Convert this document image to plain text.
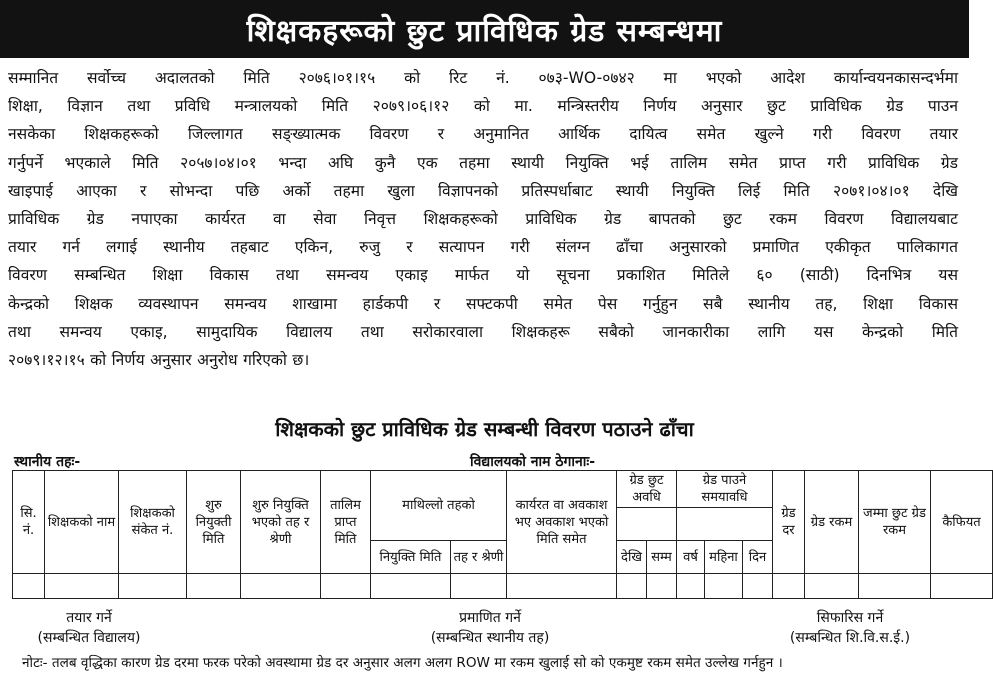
शिक्षकहरूको छुट प्राविधिक ग्रेड सम्बन्धमा
सम्मानित सर्वोच्च अदालतको मिति २०७६।०१।१५ को रिट नं. ०७३-WO-०७४२ मा भएको आदेश कार्यान्वयनकासन्दर्भमा
शिक्षा, विज्ञान तथा प्रविधि मन्त्रालयको मिति २०७९।०६।१२ को मा. मन्त्रिस्तरीय निर्णय अनुसार छुट प्राविधिक ग्रेड पाउन
नसकेका शिक्षकहरूको जिल्लागत सङ्ख्यात्मक विवरण र अनुमानित आर्थिक दायित्व समेत खुल्ने गरी विवरण तयार
गर्नुपर्ने भएकाले मिति २०५७।०४।०१ भन्दा अघि कुनै एक तहमा स्थायी नियुक्ति भई तालिम समेत प्राप्त गरी प्राविधिक ग्रेड
खाइपाई आएका र सोभन्दा पछि अर्को तहमा खुला विज्ञापनको प्रतिस्पर्धाबाट स्थायी नियुक्ति लिई मिति २०७१।०४।०१ देखि
प्राविधिक ग्रेड नपाएका कार्यरत वा सेवा निवृत्त शिक्षकहरूको प्राविधिक ग्रेड बापतको छुट रकम विवरण विद्यालयबाट
तयार गर्न लगाई स्थानीय तहबाट एकिन, रुजु र सत्यापन गरी संलग्न ढाँचा अनुसारको प्रमाणित एकीकृत पालिकागत
विवरण सम्बन्धित शिक्षा विकास तथा समन्वय एकाइ मार्फत यो सूचना प्रकाशित मितिले ६० (साठी) दिनभित्र यस
केन्द्रको शिक्षक व्यवस्थापन समन्वय शाखामा हार्डकपी र सफ्टकपी समेत पेस गर्नुहुन सबै स्थानीय तह, शिक्षा विकास
तथा समन्वय एकाइ, सामुदायिक विद्यालय तथा सरोकारवाला शिक्षकहरू सबैको जानकारीका लागि यस केन्द्रको मिति
२०७९।१२।१५ को निर्णय अनुसार अनुरोध गरिएको छ।
शिक्षकको छुट प्राविधिक ग्रेड सम्बन्धी विवरण पठाउने ढाँचा
स्थानीय तहः-	विद्यालयको नाम ठेगानाः-
सि. नं.	शिक्षकको नाम	शिक्षकको संकेत नं.	शुरु नियुक्ती मिति	शुरु नियुक्ति भएको तह र श्रेणी	तालिम प्राप्त मिति	माथिल्लो तहको		कार्यरत वा अवकाश भए अवकाश भएको मिति समेत	ग्रेड छुट अवधि		ग्रेड पाउने समयावधि			ग्रेड दर	ग्रेड रकम	जम्मा छुट ग्रेड रकम	कैफियत

						नियुक्ति मिति	तह र श्रेणी		देखि	सम्म	वर्ष	महिना	दिन				

तयार गर्ने
(सम्बन्धित विद्यालय)
प्रमाणित गर्ने
(सम्बन्धित स्थानीय तह)
सिफारिस गर्ने
(सम्बन्धित शि.वि.स.ई.)
नोटः- तलब वृद्धिका कारण ग्रेड दरमा फरक परेको अवस्थामा ग्रेड दर अनुसार अलग अलग ROW मा रकम खुलाई सो को एकमुष्ट रकम समेत उल्लेख गर्नहुन ।
